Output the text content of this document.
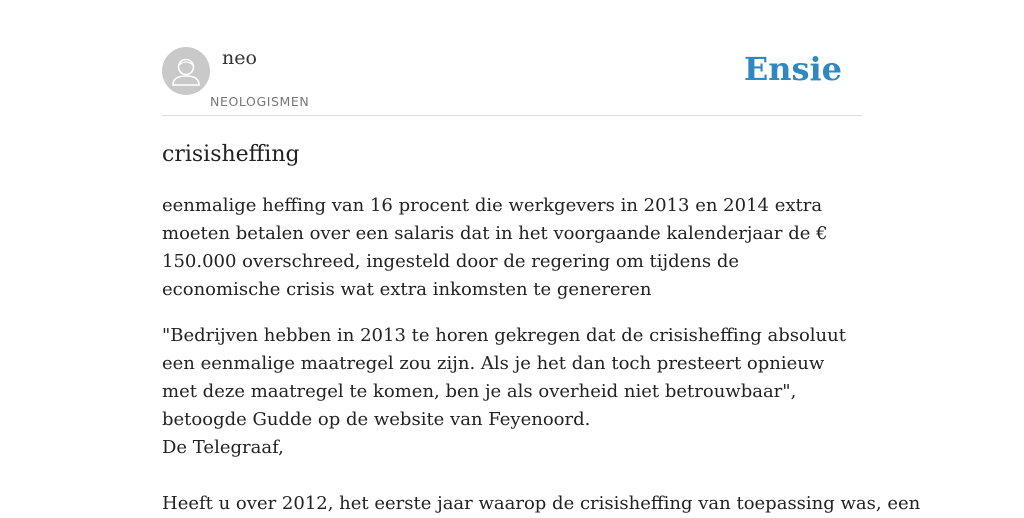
neo
NEOLOGISMEN
Ensie
crisisheffing

eenmalige heffing van 16 procent die werkgevers in 2013 en 2014 extra moeten betalen over een salaris dat in het voorgaande kalenderjaar de € 150.000 overschreed, ingesteld door de regering om tijdens de economische crisis wat extra inkomsten te genereren

"Bedrijven hebben in 2013 te horen gekregen dat de crisisheffing absoluut een eenmalige maatregel zou zijn. Als je het dan toch presteert opnieuw met deze maatregel te komen, ben je als overheid niet betrouwbaar", betoogde Gudde op de website van Feyenoord.
De Telegraaf,

Heeft u over 2012, het eerste jaar waarop de crisisheffing van toepassing was, een
